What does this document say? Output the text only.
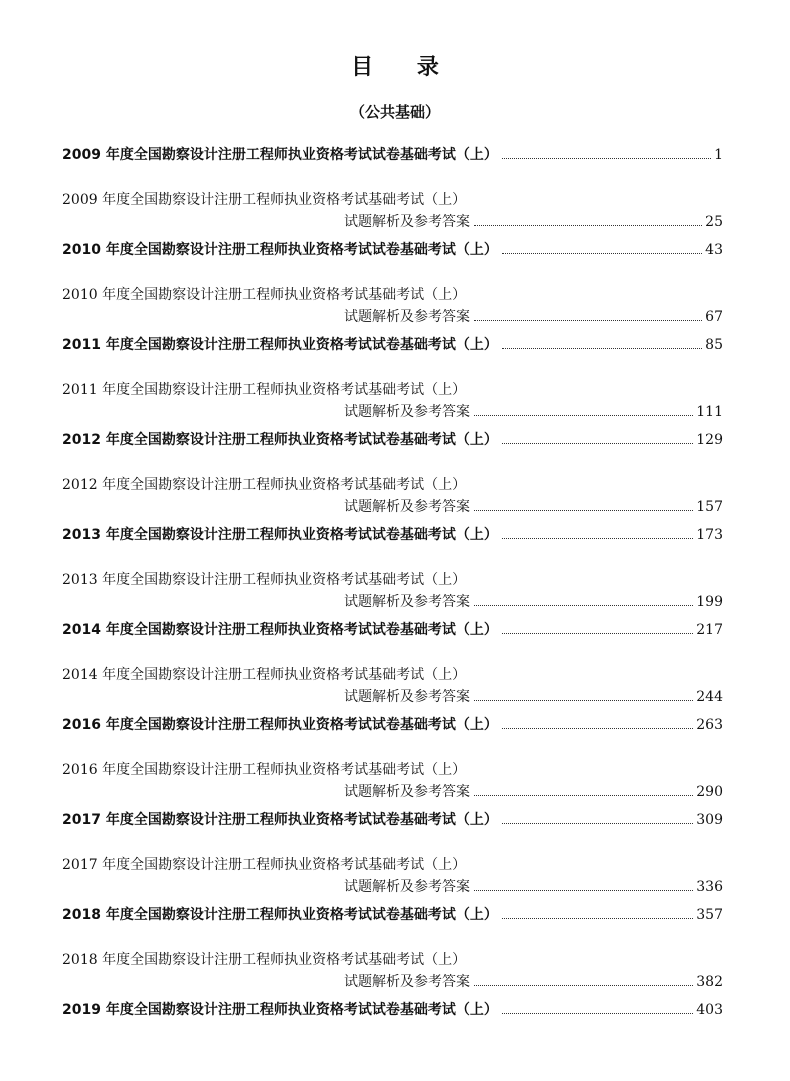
目 录
（公共基础）
2009 年度全国勘察设计注册工程师执业资格考试试卷基础考试（上）	1
2009 年度全国勘察设计注册工程师执业资格考试基础考试（上）
试题解析及参考答案	25
2010 年度全国勘察设计注册工程师执业资格考试试卷基础考试（上）	43
2010 年度全国勘察设计注册工程师执业资格考试基础考试（上）
试题解析及参考答案	67
2011 年度全国勘察设计注册工程师执业资格考试试卷基础考试（上）	85
2011 年度全国勘察设计注册工程师执业资格考试基础考试（上）
试题解析及参考答案	111
2012 年度全国勘察设计注册工程师执业资格考试试卷基础考试（上）	129
2012 年度全国勘察设计注册工程师执业资格考试基础考试（上）
试题解析及参考答案	157
2013 年度全国勘察设计注册工程师执业资格考试试卷基础考试（上）	173
2013 年度全国勘察设计注册工程师执业资格考试基础考试（上）
试题解析及参考答案	199
2014 年度全国勘察设计注册工程师执业资格考试试卷基础考试（上）	217
2014 年度全国勘察设计注册工程师执业资格考试基础考试（上）
试题解析及参考答案	244
2016 年度全国勘察设计注册工程师执业资格考试试卷基础考试（上）	263
2016 年度全国勘察设计注册工程师执业资格考试基础考试（上）
试题解析及参考答案	290
2017 年度全国勘察设计注册工程师执业资格考试试卷基础考试（上）	309
2017 年度全国勘察设计注册工程师执业资格考试基础考试（上）
试题解析及参考答案	336
2018 年度全国勘察设计注册工程师执业资格考试试卷基础考试（上）	357
2018 年度全国勘察设计注册工程师执业资格考试基础考试（上）
试题解析及参考答案	382
2019 年度全国勘察设计注册工程师执业资格考试试卷基础考试（上）	403
